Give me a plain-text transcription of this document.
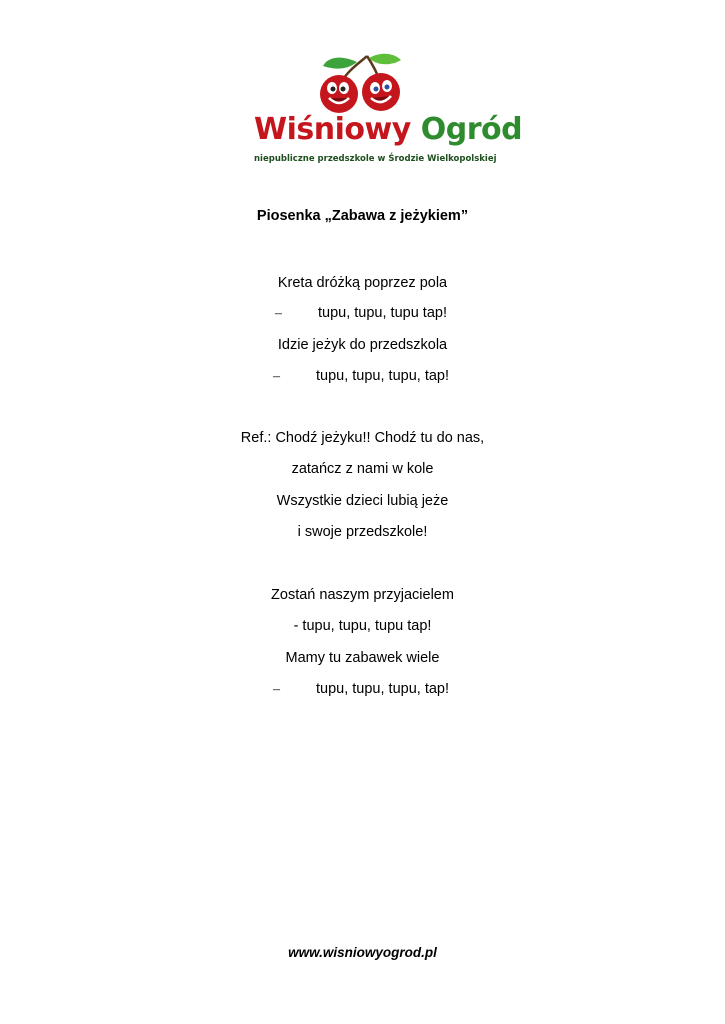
Wiśniowy Ogród
niepubliczne przedszkole w Środzie Wielkopolskiej
Piosenka „Zabawa z jeżykiem”
Kreta dróżką poprzez pola
– tupu, tupu, tupu tap!
Idzie jeżyk do przedszkola
– tupu, tupu, tupu, tap!
Ref.: Chodź jeżyku!! Chodź tu do nas,
zatańcz z nami w kole
Wszystkie dzieci lubią jeże
i swoje przedszkole!
Zostań naszym przyjacielem
- tupu, tupu, tupu tap!
Mamy tu zabawek wiele
– tupu, tupu, tupu, tap!
www.wisniowyogrod.pl
